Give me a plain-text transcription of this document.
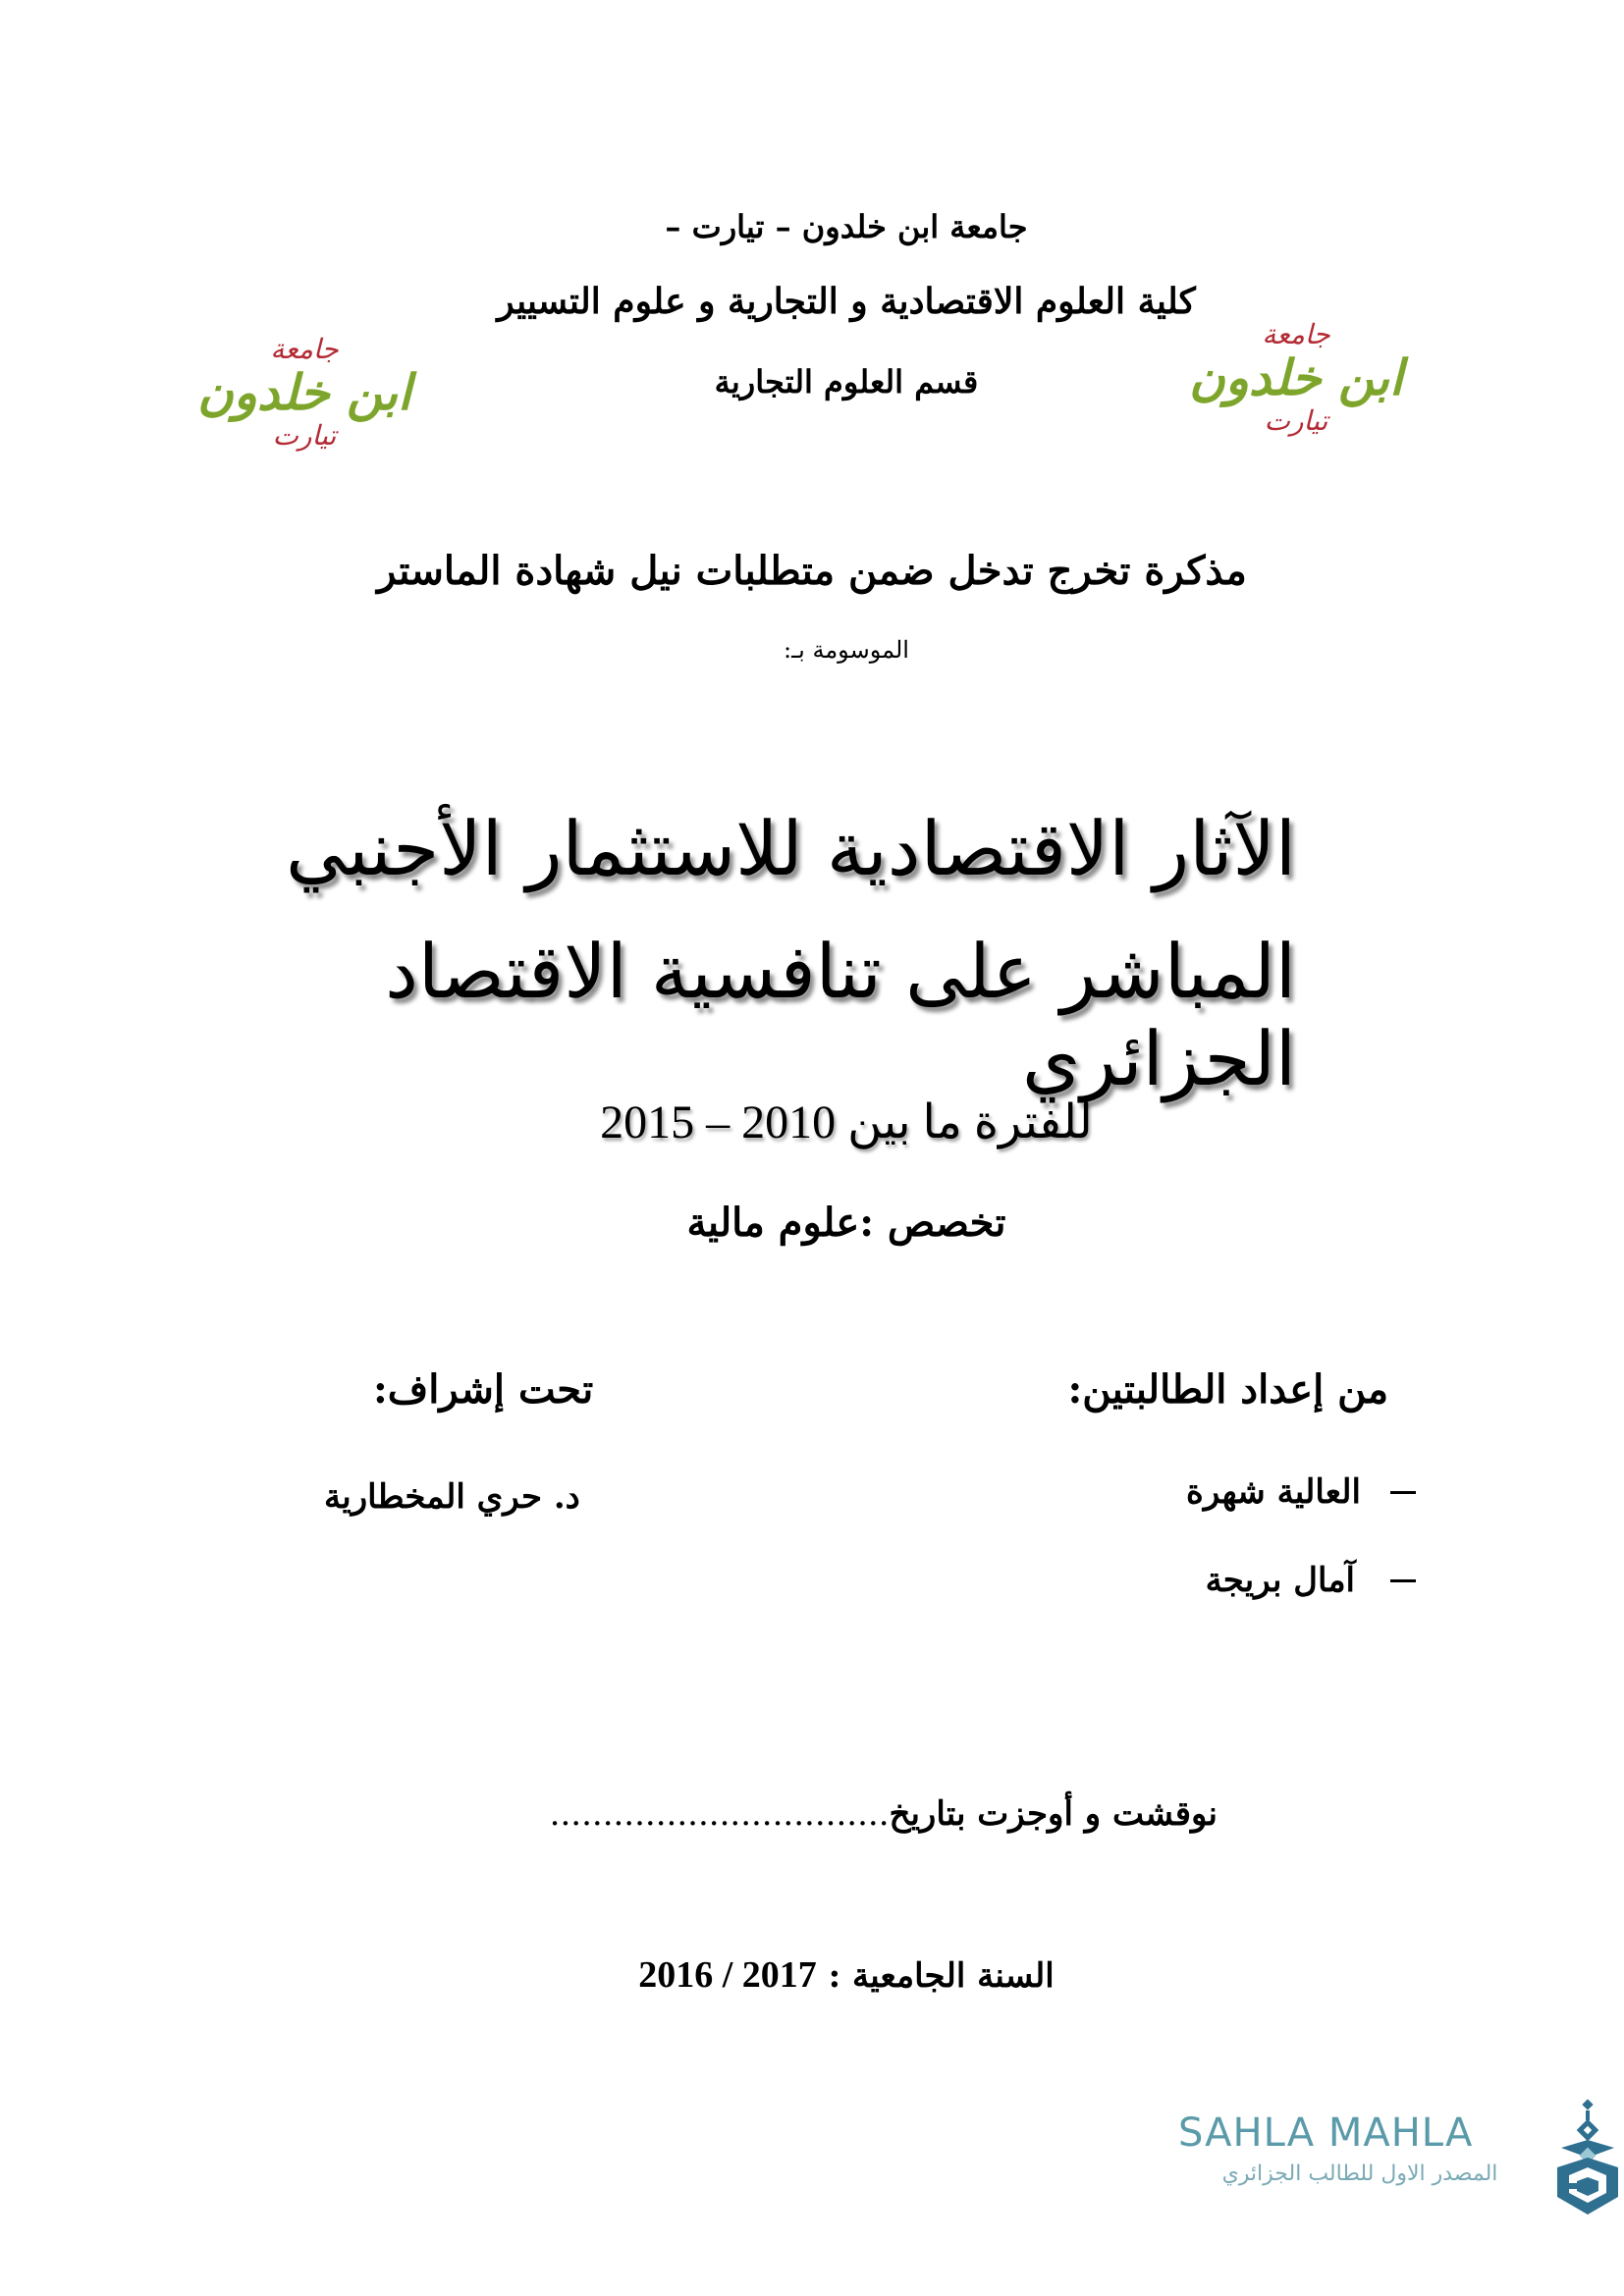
جامعة ابن خلدون – تيارت –
كلية العلوم الاقتصادية و التجارية و علوم التسيير
قسم العلوم التجارية
جامعة
ابن خلدون
تيارت
جامعة
ابن خلدون
تيارت
مذكرة تخرج تدخل ضمن متطلبات نيل شهادة الماستر
الموسومة بـ:
الآثار الاقتصادية للاستثمار الأجنبي
المباشر على تنافسية الاقتصاد الجزائري
للفترة ما بين 2010 – 2015
تخصص :علوم مالية
من إعداد الطالبتين:
العالية شهرة
آمال بريجة
تحت إشراف:
د. حري المخطارية
نوقشت و أوجزت بتاريخ................................
السنة الجامعية : 2016 / 2017
SAHLA MAHLA
المصدر الاول للطالب الجزائري
